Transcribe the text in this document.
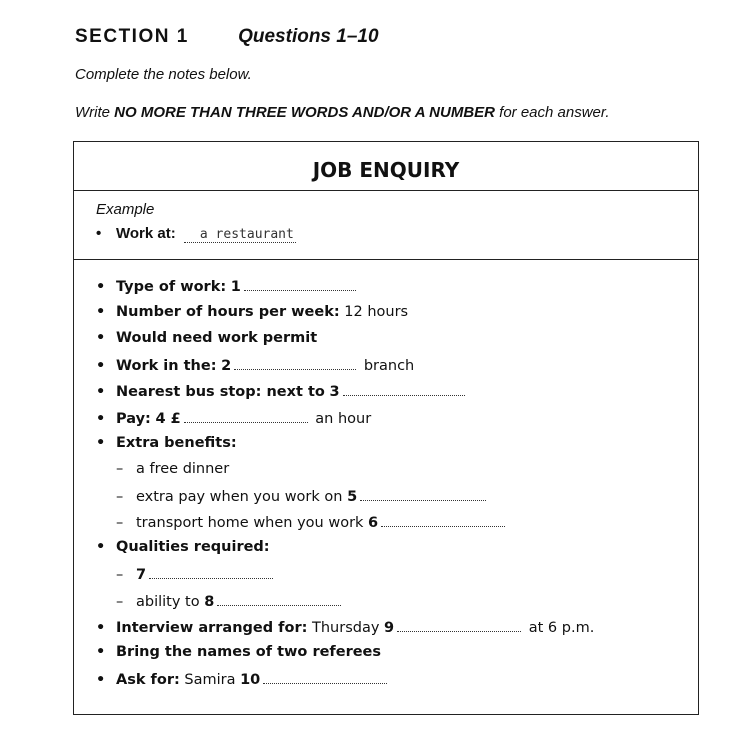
SECTION 1	Questions 1–10
Complete the notes below.
Write NO MORE THAN THREE WORDS AND/OR A NUMBER for each answer.
JOB ENQUIRY
Example
• Work at: a restaurant
• Type of work: 1
• Number of hours per week: 12 hours
• Would need work permit
• Work in the: 2	branch
• Nearest bus stop: next to 3
• Pay: 4 £	an hour
• Extra benefits:
– a free dinner
– extra pay when you work on 5
– transport home when you work 6
• Qualities required:
– 7
– ability to 8
• Interview arranged for: Thursday 9	at 6 p.m.
• Bring the names of two referees
• Ask for: Samira 10
